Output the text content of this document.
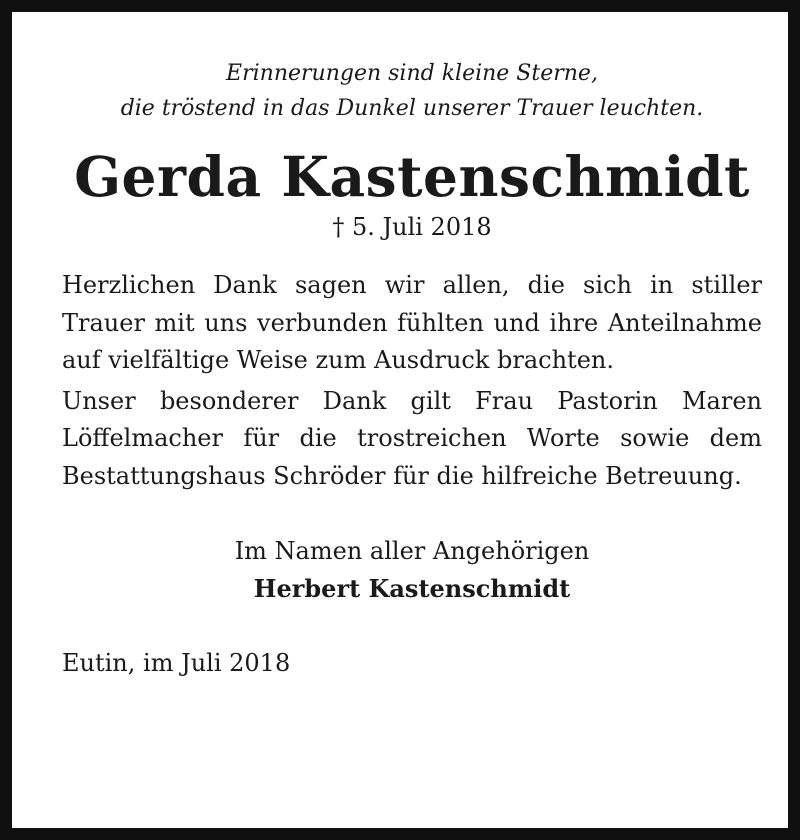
Erinnerungen sind kleine Sterne,

die tröstend in das Dunkel unserer Trauer leuchten.

Gerda Kastenschmidt

† 5. Juli 2018

Herzlichen Dank sagen wir allen, die sich in stiller Trauer mit uns verbunden fühlten und ihre Anteilnahme auf vielfältige Weise zum Ausdruck brachten.

Unser besonderer Dank gilt Frau Pastorin Maren Löffelmacher für die trostreichen Worte sowie dem Bestattungshaus Schröder für die hilfreiche Betreuung.

Im Namen aller Angehörigen

Herbert Kastenschmidt

Eutin, im Juli 2018
